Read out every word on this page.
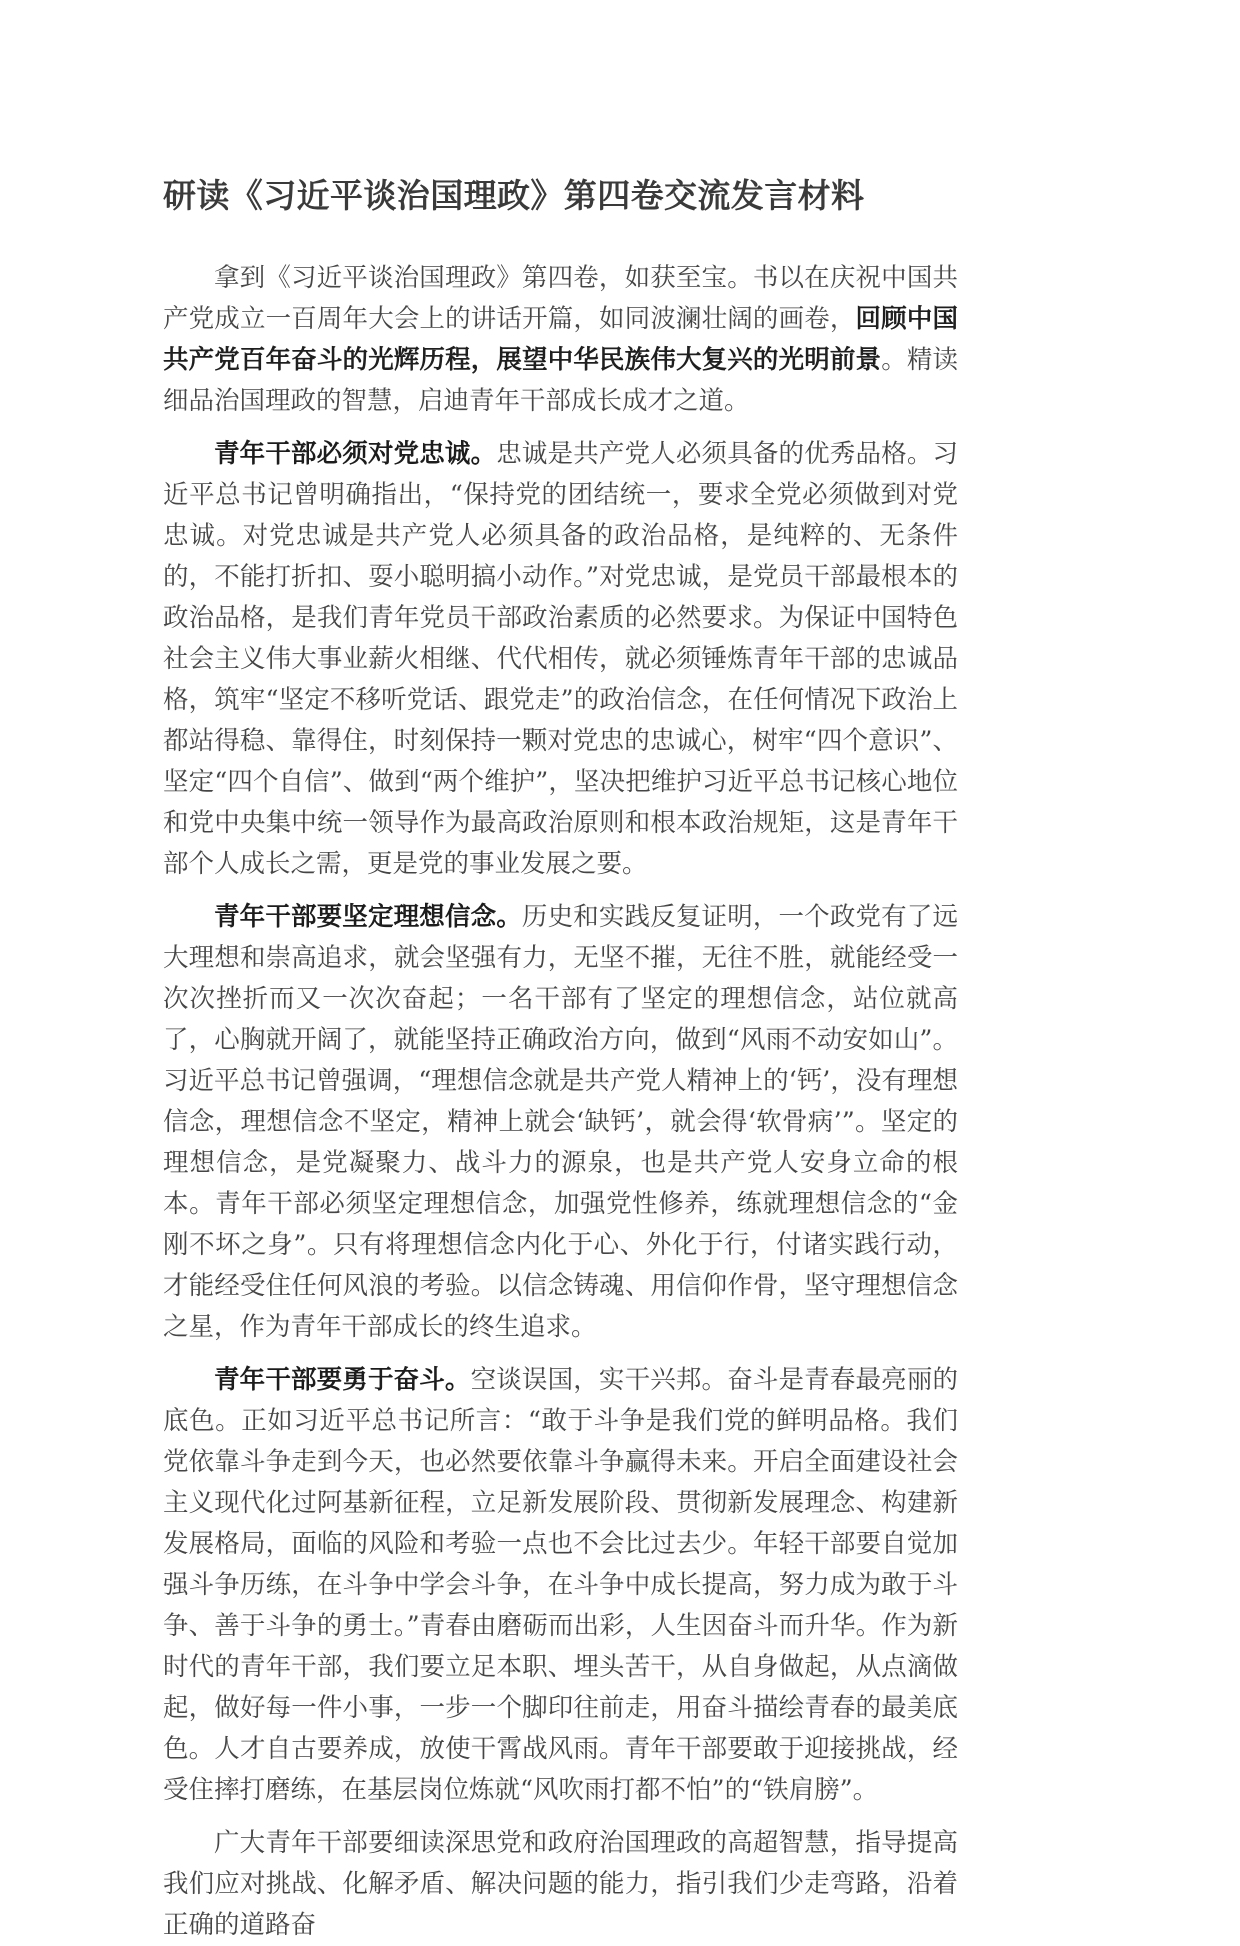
研读《习近平谈治国理政》第四卷交流发言材料

拿到《习近平谈治国理政》第四卷，如获至宝。书以在庆祝中国共产党成立一百周年大会上的讲话开篇，如同波澜壮阔的画卷，回顾中国共产党百年奋斗的光辉历程，展望中华民族伟大复兴的光明前景。精读细品治国理政的智慧，启迪青年干部成长成才之道。

青年干部必须对党忠诚。忠诚是共产党人必须具备的优秀品格。习近平总书记曾明确指出，“保持党的团结统一，要求全党必须做到对党忠诚。对党忠诚是共产党人必须具备的政治品格，是纯粹的、无条件的，不能打折扣、耍小聪明搞小动作。”对党忠诚，是党员干部最根本的政治品格，是我们青年党员干部政治素质的必然要求。为保证中国特色社会主义伟大事业薪火相继、代代相传，就必须锤炼青年干部的忠诚品格，筑牢“坚定不移听党话、跟党走”的政治信念，在任何情况下政治上都站得稳、靠得住，时刻保持一颗对党忠的忠诚心，树牢“四个意识”、坚定“四个自信”、做到“两个维护”，坚决把维护习近平总书记核心地位和党中央集中统一领导作为最高政治原则和根本政治规矩，这是青年干部个人成长之需，更是党的事业发展之要。

青年干部要坚定理想信念。历史和实践反复证明，一个政党有了远大理想和崇高追求，就会坚强有力，无坚不摧，无往不胜，就能经受一次次挫折而又一次次奋起；一名干部有了坚定的理想信念，站位就高了，心胸就开阔了，就能坚持正确政治方向，做到“风雨不动安如山”。习近平总书记曾强调，“理想信念就是共产党人精神上的‘钙’，没有理想信念，理想信念不坚定，精神上就会‘缺钙’，就会得‘软骨病’”。坚定的理想信念，是党凝聚力、战斗力的源泉，也是共产党人安身立命的根本。青年干部必须坚定理想信念，加强党性修养，练就理想信念的“金刚不坏之身”。只有将理想信念内化于心、外化于行，付诸实践行动，才能经受住任何风浪的考验。以信念铸魂、用信仰作骨，坚守理想信念之星，作为青年干部成长的终生追求。

青年干部要勇于奋斗。空谈误国，实干兴邦。奋斗是青春最亮丽的底色。正如习近平总书记所言：“敢于斗争是我们党的鲜明品格。我们党依靠斗争走到今天，也必然要依靠斗争赢得未来。开启全面建设社会主义现代化过阿基新征程，立足新发展阶段、贯彻新发展理念、构建新发展格局，面临的风险和考验一点也不会比过去少。年轻干部要自觉加强斗争历练，在斗争中学会斗争，在斗争中成长提高，努力成为敢于斗争、善于斗争的勇士。”青春由磨砺而出彩，人生因奋斗而升华。作为新时代的青年干部，我们要立足本职、埋头苦干，从自身做起，从点滴做起，做好每一件小事，一步一个脚印往前走，用奋斗描绘青春的最美底色。人才自古要养成，放使干霄战风雨。青年干部要敢于迎接挑战，经受住摔打磨练，在基层岗位炼就“风吹雨打都不怕”的“铁肩膀”。

广大青年干部要细读深思党和政府治国理政的高超智慧，指导提高我们应对挑战、化解矛盾、解决问题的能力，指引我们少走弯路，沿着正确的道路奋
